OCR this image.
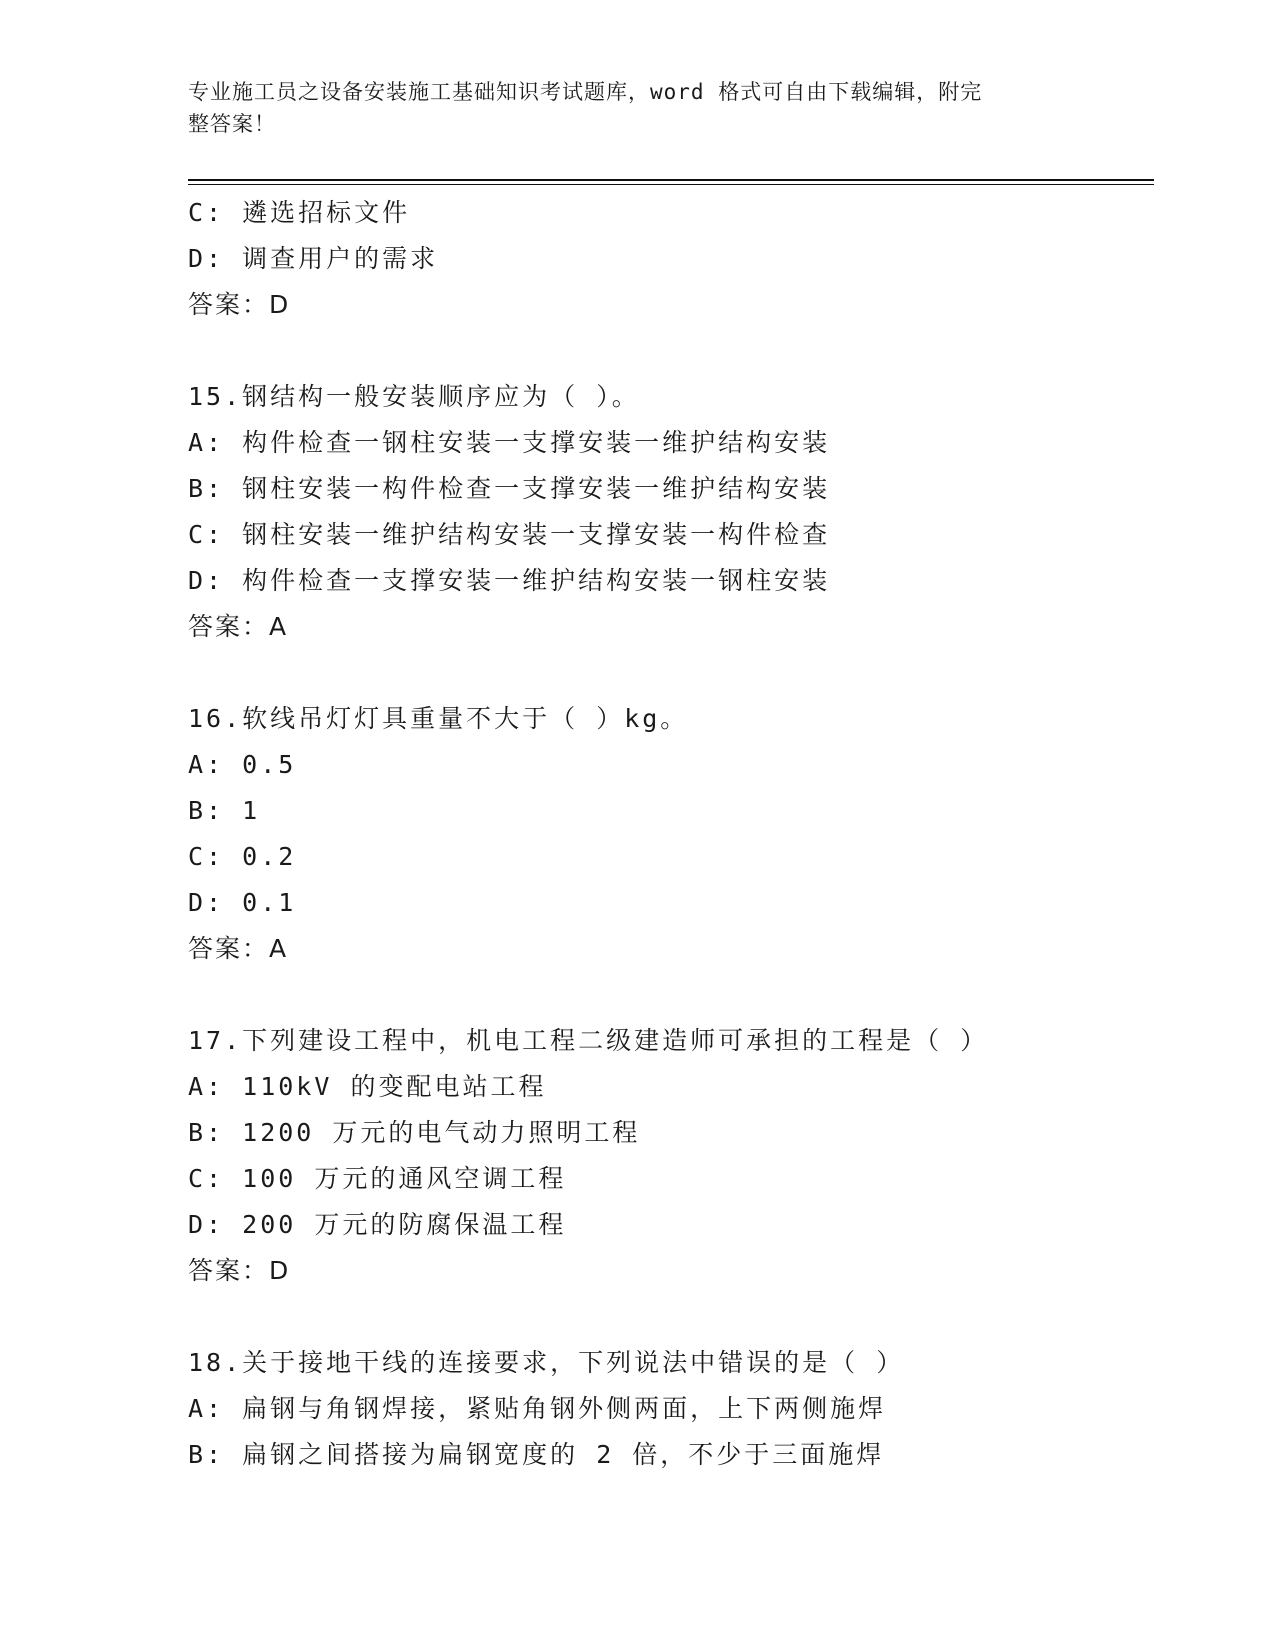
专业施工员之设备安装施工基础知识考试题库，word 格式可自由下载编辑，附完
整答案！
C: 遴选招标文件
D: 调查用户的需求
答案：D
15.钢结构一般安装顺序应为（ ）。
A: 构件检查一钢柱安装一支撑安装一维护结构安装
B: 钢柱安装一构件检查一支撑安装一维护结构安装
C: 钢柱安装一维护结构安装一支撑安装一构件检查
D: 构件检查一支撑安装一维护结构安装一钢柱安装
答案：A
16.软线吊灯灯具重量不大于（ ）kg。
A: 0.5
B: 1
C: 0.2
D: 0.1
答案：A
17.下列建设工程中，机电工程二级建造师可承担的工程是（ ）
A: 110kV 的变配电站工程
B: 1200 万元的电气动力照明工程
C: 100 万元的通风空调工程
D: 200 万元的防腐保温工程
答案：D
18.关于接地干线的连接要求，下列说法中错误的是（ ）
A: 扁钢与角钢焊接，紧贴角钢外侧两面，上下两侧施焊
B: 扁钢之间搭接为扁钢宽度的 2 倍，不少于三面施焊
